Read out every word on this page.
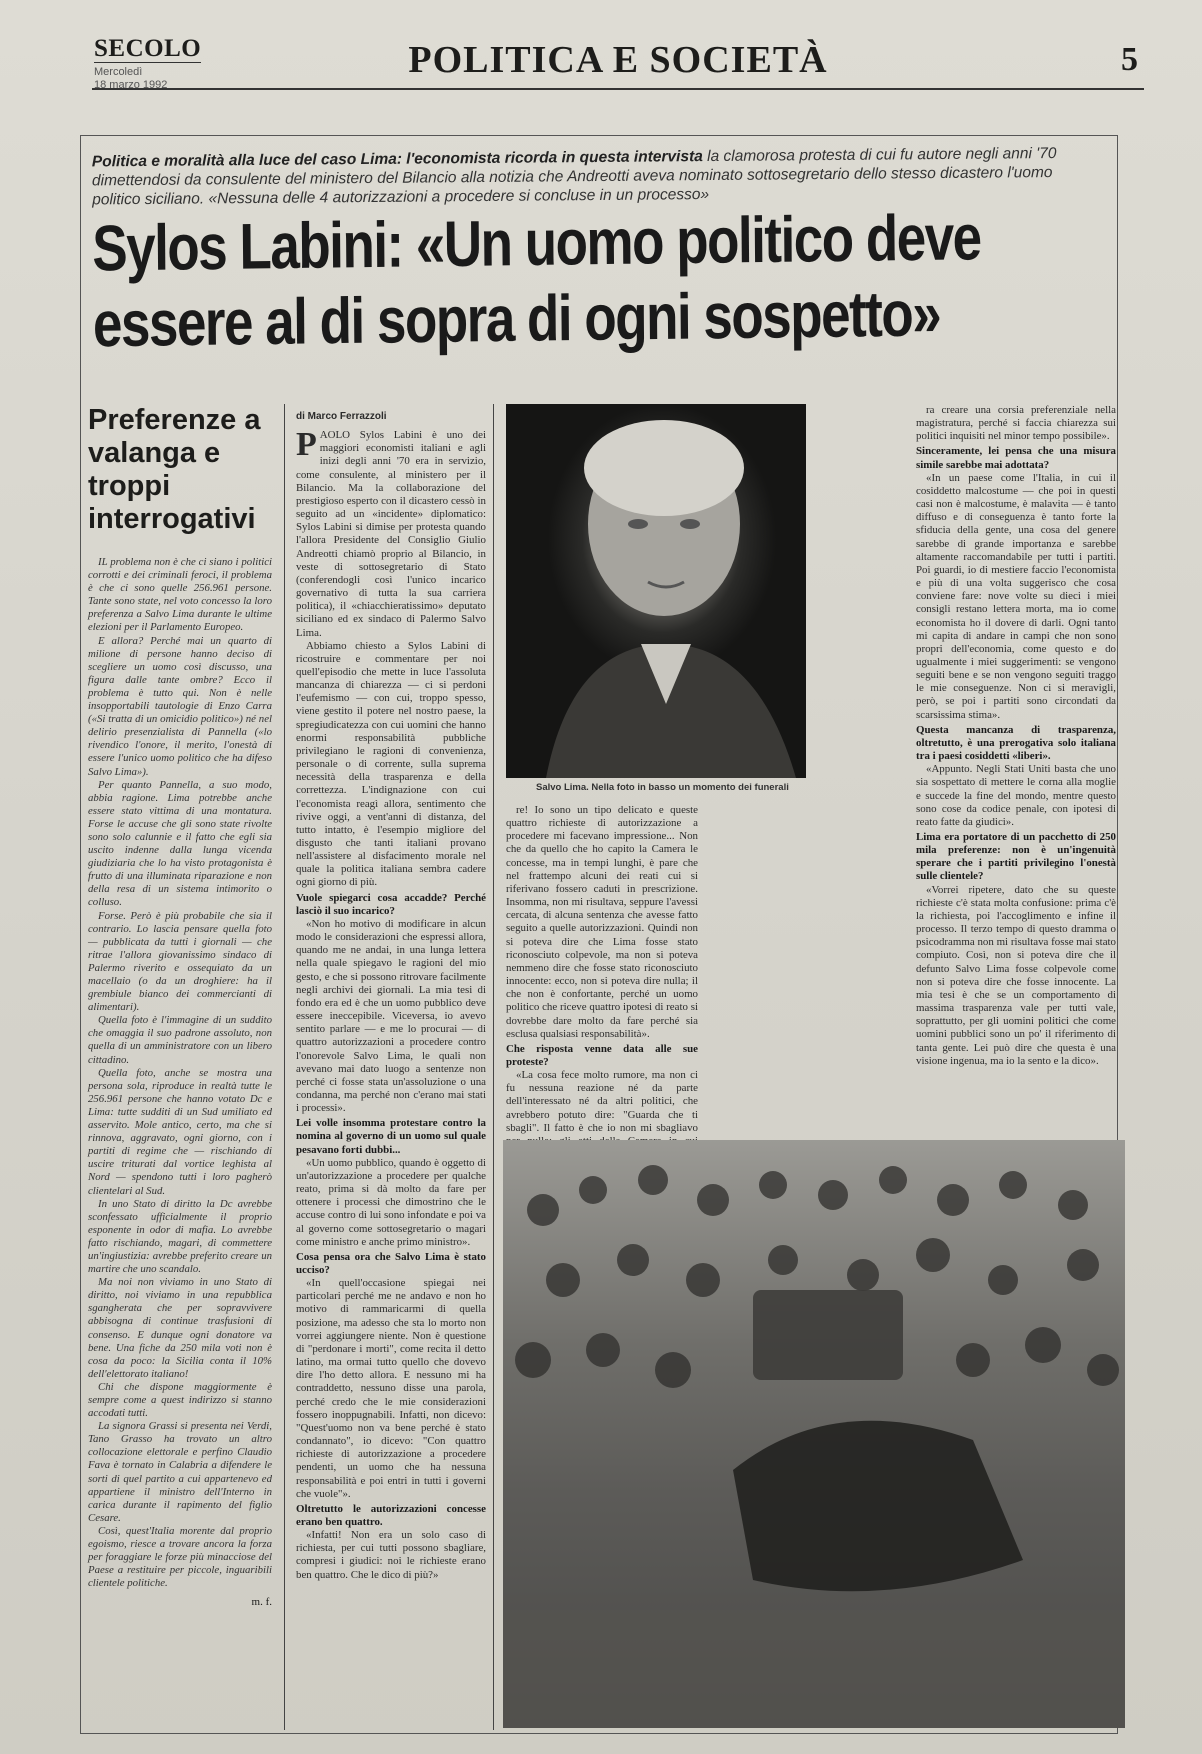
SECOLO
Mercoledì
18 marzo 1992
POLITICA E SOCIETÀ	5
Politica e moralità alla luce del caso Lima: l'economista ricorda in questa intervista la clamorosa protesta di cui fu autore negli anni '70 dimettendosi da consulente del ministero del Bilancio alla notizia che Andreotti aveva nominato sottosegretario dello stesso dicastero l'uomo politico siciliano. «Nessuna delle 4 autorizzazioni a procedere si concluse in un processo»
Sylos Labini: «Un uomo politico deve essere al di sopra di ogni sospetto»
Preferenze a valanga e troppi interrogativi

IL problema non è che ci siano i politici corrotti e dei criminali feroci, il problema è che ci sono quelle 256.961 persone. Tante sono state, nel voto concesso la loro preferenza a Salvo Lima durante le ultime elezioni per il Parlamento Europeo.

E allora? Perché mai un quarto di milione di persone hanno deciso di scegliere un uomo così discusso, una figura dalle tante ombre? Ecco il problema è tutto qui. Non è nelle insopportabili tautologie di Enzo Carra («Si tratta di un omicidio politico») né nel delirio presenzialista di Pannella («lo rivendico l'onore, il merito, l'onestà di essere l'unico uomo politico che ha difeso Salvo Lima»).

Per quanto Pannella, a suo modo, abbia ragione. Lima potrebbe anche essere stato vittima di una montatura. Forse le accuse che gli sono state rivolte sono solo calunnie e il fatto che egli sia uscito indenne dalla lunga vicenda giudiziaria che lo ha visto protagonista è frutto di una illuminata riparazione e non della resa di un sistema intimorito o colluso.

Forse. Però è più probabile che sia il contrario. Lo lascia pensare quella foto — pubblicata da tutti i giornali — che ritrae l'allora giovanissimo sindaco di Palermo riverito e ossequiato da un macellaio (o da un droghiere: ha il grembiule bianco dei commercianti di alimentari).

Quella foto è l'immagine di un suddito che omaggia il suo padrone assoluto, non quella di un amministratore con un libero cittadino.

Quella foto, anche se mostra una persona sola, riproduce in realtà tutte le 256.961 persone che hanno votato Dc e Lima: tutte sudditi di un Sud umiliato ed asservito. Mole antico, certo, ma che si rinnova, aggravato, ogni giorno, con i partiti di regime che — rischiando di uscire triturati dal vortice leghista al Nord — spendono tutti i loro pagherò clientelari al Sud.

In uno Stato di diritto la Dc avrebbe sconfessato ufficialmente il proprio esponente in odor di mafia. Lo avrebbe fatto rischiando, magari, di commettere un'ingiustizia: avrebbe preferito creare un martire che uno scandalo.

Ma noi non viviamo in uno Stato di diritto, noi viviamo in una repubblica sgangherata che per sopravvivere abbisogna di continue trasfusioni di consenso. E dunque ogni donatore va bene. Una fiche da 250 mila voti non è cosa da poco: la Sicilia conta il 10% dell'elettorato italiano!

Chi che dispone maggiormente è sempre come a quest indirizzo si stanno accodati tutti.

La signora Grassi si presenta nei Verdi, Tano Grasso ha trovato un altro collocazione elettorale e perfino Claudio Fava è tornato in Calabria a difendere le sorti di quel partito a cui appartenevo ed appartiene il ministro dell'Interno in carica durante il rapimento del figlio Cesare.

Così, quest'Italia morente dal proprio egoismo, riesce a trovare ancora la forza per foraggiare le forze più minacciose del Paese a restituire per piccole, inguaribili clientele politiche.

m. f.
di Marco Ferrazzoli

PAOLO Sylos Labini è uno dei maggiori economisti italiani e agli inizi degli anni '70 era in servizio, come consulente, al ministero per il Bilancio. Ma la collaborazione del prestigioso esperto con il dicastero cessò in seguito ad un «incidente» diplomatico: Sylos Labini si dimise per protesta quando l'allora Presidente del Consiglio Giulio Andreotti chiamò proprio al Bilancio, in veste di sottosegretario di Stato (conferendogli così l'unico incarico governativo di tutta la sua carriera politica), il «chiacchieratissimo» deputato siciliano ed ex sindaco di Palermo Salvo Lima.

Abbiamo chiesto a Sylos Labini di ricostruire e commentare per noi quell'episodio che mette in luce l'assoluta mancanza di chiarezza — ci si perdoni l'eufemismo — con cui, troppo spesso, viene gestito il potere nel nostro paese, la spregiudicatezza con cui uomini che hanno enormi responsabilità pubbliche privilegiano le ragioni di convenienza, personale o di corrente, sulla suprema necessità della trasparenza e della correttezza. L'indignazione con cui l'economista reagì allora, sentimento che rivive oggi, a vent'anni di distanza, del tutto intatto, è l'esempio migliore del disgusto che tanti italiani provano nell'assistere al disfacimento morale nel quale la politica italiana sembra cadere ogni giorno di più.

Vuole spiegarci cosa accadde? Perché lasciò il suo incarico?

«Non ho motivo di modificare in alcun modo le considerazioni che espressi allora, quando me ne andai, in una lunga lettera nella quale spiegavo le ragioni del mio gesto, e che si possono ritrovare facilmente negli archivi dei giornali. La mia tesi di fondo era ed è che un uomo pubblico deve essere ineccepibile. Viceversa, io avevo sentito parlare — e me lo procurai — di quattro autorizzazioni a procedere contro l'onorevole Salvo Lima, le quali non avevano mai dato luogo a sentenze non perché ci fosse stata un'assoluzione o una condanna, ma perché non c'erano mai stati i processi».

Lei volle insomma protestare contro la nomina al governo di un uomo sul quale pesavano forti dubbi...

«Un uomo pubblico, quando è oggetto di un'autorizzazione a procedere per qualche reato, prima si dà molto da fare per ottenere i processi che dimostrino che le accuse contro di lui sono infondate e poi va al governo come sottosegretario o magari come ministro e anche primo ministro».

Cosa pensa ora che Salvo Lima è stato ucciso?

«In quell'occasione spiegai nei particolari perché me ne andavo e non ho motivo di rammaricarmi di quella posizione, ma adesso che sta lo morto non vorrei aggiungere niente. Non è questione di "perdonare i morti", come recita il detto latino, ma ormai tutto quello che dovevo dire l'ho detto allora. E nessuno mi ha contraddetto, nessuno disse una parola, perché credo che le mie considerazioni fossero inoppugnabili. Infatti, non dicevo: "Quest'uomo non va bene perché è stato condannato", io dicevo: "Con quattro richieste di autorizzazione a procedere pendenti, un uomo che ha nessuna responsabilità e poi entri in tutti i governi che vuole"».

Oltretutto le autorizzazioni concesse erano ben quattro.

«Infatti! Non era un solo caso di richiesta, per cui tutti possono sbagliare, compresi i giudici: noi le richieste erano ben quattro. Che le dico di più?»

Salvo Lima. Nella foto in basso un momento dei funerali

re! Io sono un tipo delicato e queste quattro richieste di autorizzazione a procedere mi facevano impressione... Non che da quello che ho capito la Camera le concesse, ma in tempi lunghi, è pare che nel frattempo alcuni dei reati cui si riferivano fossero caduti in prescrizione. Insomma, non mi risultava, seppure l'avessi cercata, di alcuna sentenza che avesse fatto seguito a quelle autorizzazioni. Quindi non si poteva dire che Lima fosse stato riconosciuto colpevole, ma non si poteva nemmeno dire che fosse stato riconosciuto innocente: ecco, non si poteva dire nulla; il che non è confortante, perché un uomo politico che riceve quattro ipotesi di reato si dovrebbe dare molto da fare perché sia esclusa qualsiasi responsabilità».

Che risposta venne data alle sue proteste?

«La cosa fece molto rumore, ma non ci fu nessuna reazione né da parte dell'interessato né da altri politici, che avrebbero potuto dire: "Guarda che ti sbagli". Il fatto è che io non mi sbagliavo

ra creare una corsia preferenziale nella magistratura, perché si faccia chiarezza sui politici inquisiti nel minor tempo possibile».

Sinceramente, lei pensa che una misura simile sarebbe mai adottata?

«In un paese come l'Italia, in cui il cosiddetto malcostume — che poi in questi casi non è malcostume, è malavita — è tanto diffuso e di conseguenza è tanto forte la sfiducia della gente, una cosa del genere sarebbe di grande importanza e sarebbe altamente raccomandabile per tutti i partiti. Poi guardi, io di mestiere faccio l'economista e più di una volta suggerisco che cosa conviene fare: nove volte su dieci i miei consigli restano lettera morta, ma io come economista ho il dovere di darli. Ogni tanto mi capita di andare in campi che non sono propri dell'economia, come questo e do ugualmente i miei suggerimenti: se vengono seguiti bene e se non vengono seguiti traggo le mie conseguenze. Non ci si meravigli, però, se poi i partiti sono circondati da scarsissima stima».

Questa mancanza di trasparenza, oltretutto, è una prerogativa solo italiana tra i paesi cosiddetti «liberi».

«Appunto. Negli Stati Uniti basta che uno sia sospettato di mettere le corna alla moglie e succede la fine del mondo, mentre questo sono cose da codice penale, con ipotesi di reato fatte da giudici».

Lima era portatore di un pacchetto di 250 mila preferenze: non è un'ingenuità sperare che i partiti privilegino l'onestà sulle clientele?

«Vorrei ripetere, dato che su queste richieste c'è stata molta confusione: prima c'è la richiesta, poi l'accoglimento e infine il processo. Il terzo tempo di questo dramma o psicodramma non mi risultava fosse mai stato compiuto. Così, non si poteva dire che il defunto Salvo Lima fosse colpevole come non si poteva dire che fosse innocente. La mia tesi è che se un comportamento di massima trasparenza vale per tutti vale, soprattutto, per gli uomini politici che come uomini pubblici sono un po' il riferimento di tanta gente. Lei può dire che questa è una visione ingenua, ma io la sento e la dico».
